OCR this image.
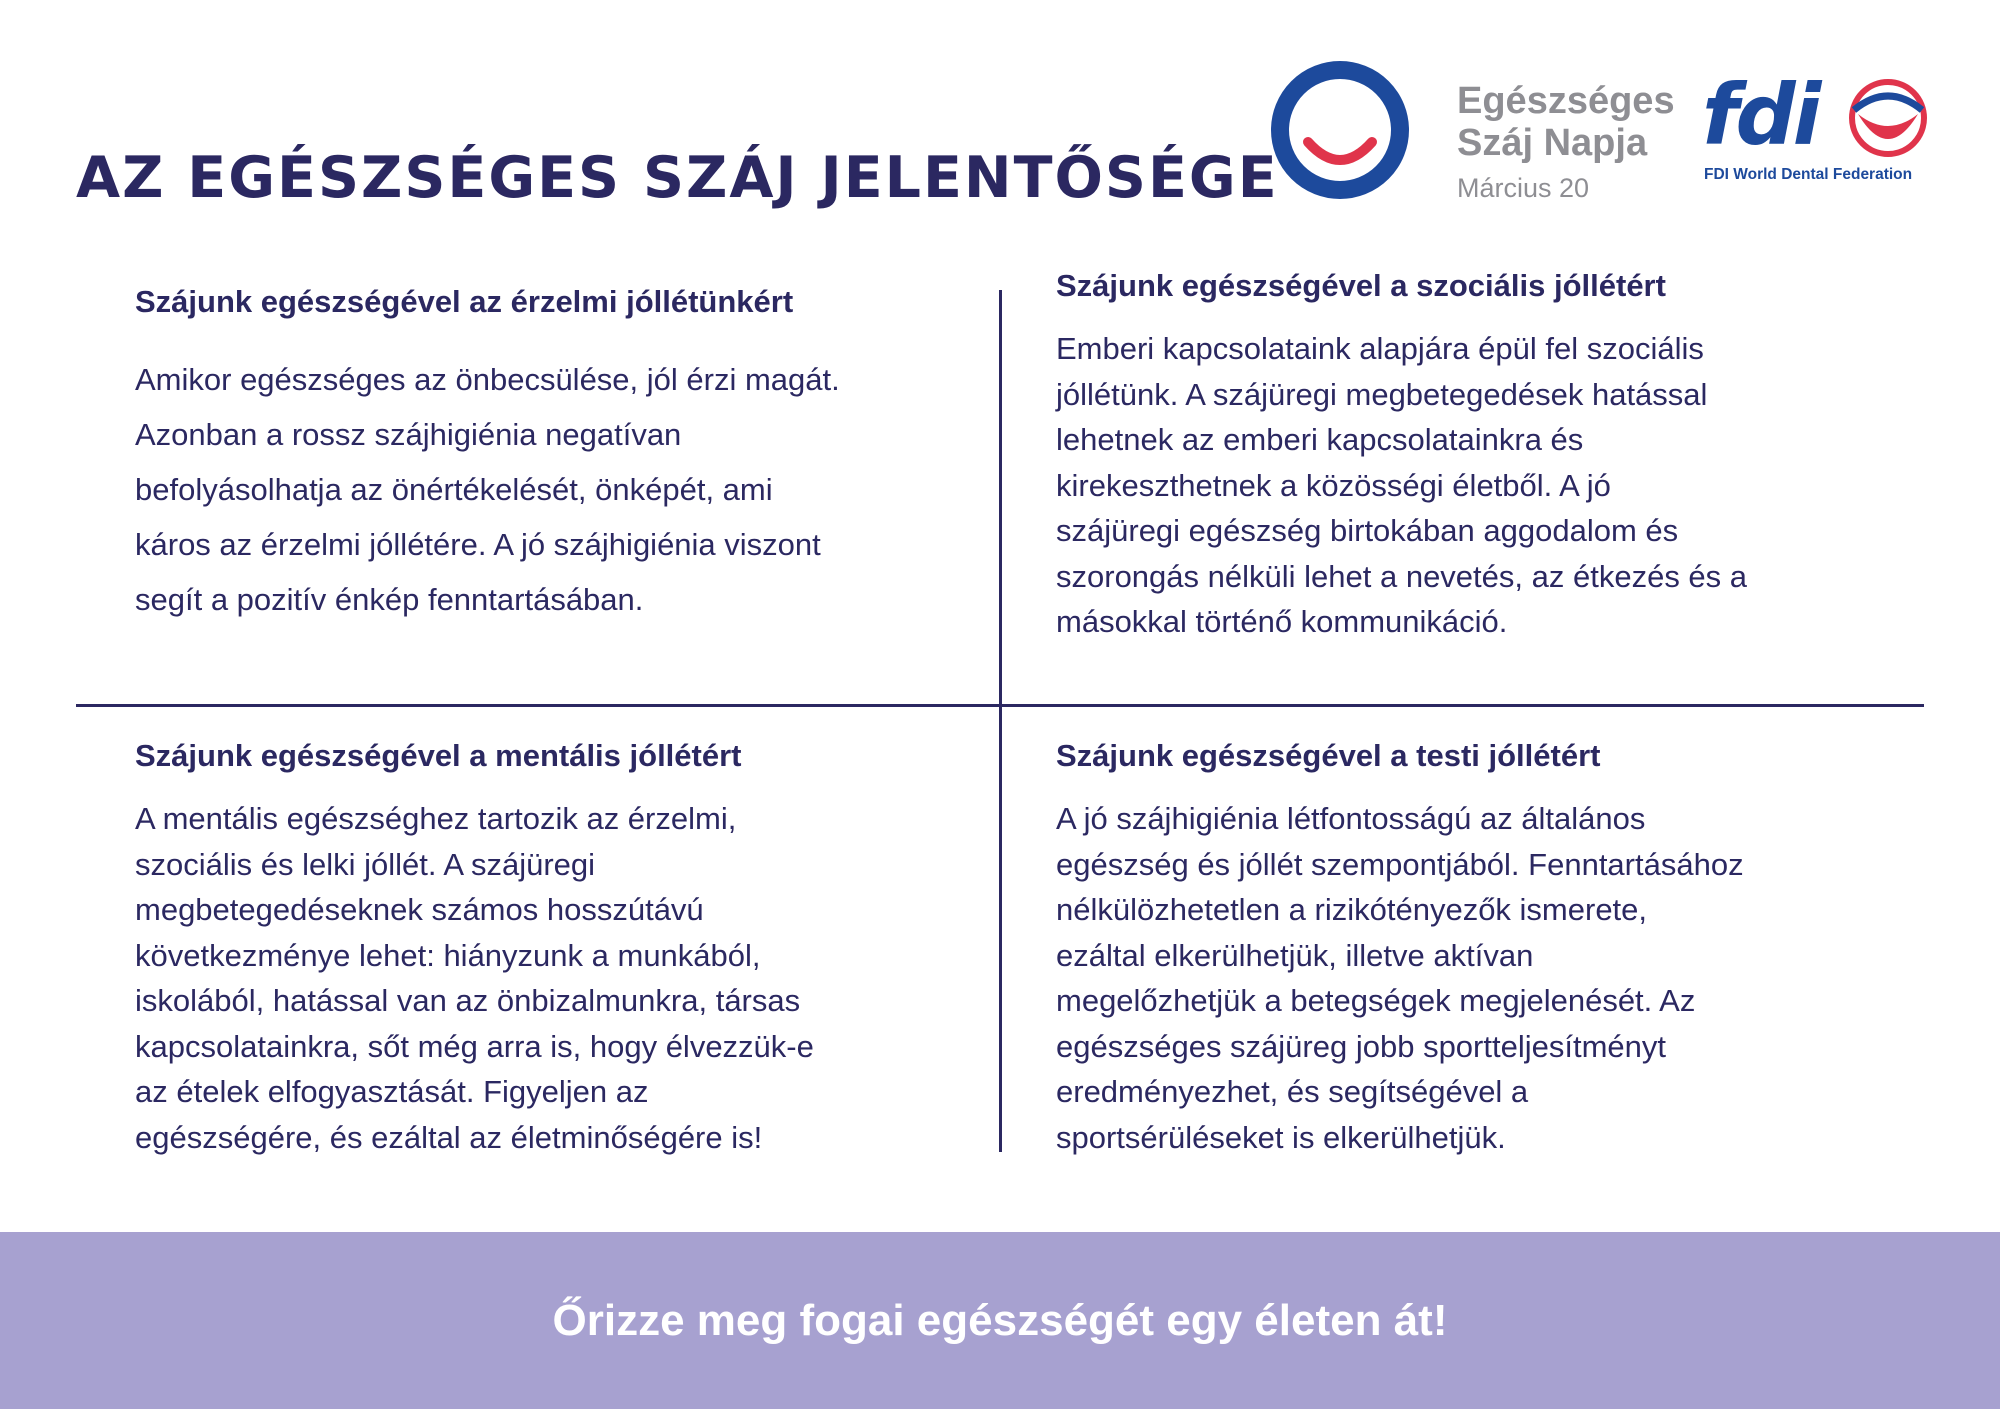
AZ EGÉSZSÉGES SZÁJ JELENTŐSÉGE
Egészséges
Száj Napja
Március 20
fdi
FDI World Dental Federation
Szájunk egészségével az érzelmi jóllétünkért

Amikor egészséges az önbecsülése, jól érzi magát.
Azonban a rossz szájhigiénia negatívan
befolyásolhatja az önértékelését, önképét, ami
káros az érzelmi jóllétére. A jó szájhigiénia viszont
segít a pozitív énkép fenntartásában.

Szájunk egészségével a szociális jóllétért

Emberi kapcsolataink alapjára épül fel szociális
jóllétünk. A szájüregi megbetegedések hatással
lehetnek az emberi kapcsolatainkra és
kirekeszthetnek a közösségi életből. A jó
szájüregi egészség birtokában aggodalom és
szorongás nélküli lehet a nevetés, az étkezés és a
másokkal történő kommunikáció.

Szájunk egészségével a mentális jóllétért

A mentális egészséghez tartozik az érzelmi,
szociális és lelki jóllét. A szájüregi
megbetegedéseknek számos hosszútávú
következménye lehet: hiányzunk a munkából,
iskolából, hatással van az önbizalmunkra, társas
kapcsolatainkra, sőt még arra is, hogy élvezzük-e
az ételek elfogyasztását. Figyeljen az
egészségére, és ezáltal az életminőségére is!

Szájunk egészségével a testi jóllétért

A jó szájhigiénia létfontosságú az általános
egészség és jóllét szempontjából. Fenntartásához
nélkülözhetetlen a rizikótényezők ismerete,
ezáltal elkerülhetjük, illetve aktívan
megelőzhetjük a betegségek megjelenését. Az
egészséges szájüreg jobb sportteljesítményt
eredményezhet, és segítségével a
sportsérüléseket is elkerülhetjük.

Őrizze meg fogai egészségét egy életen át!
